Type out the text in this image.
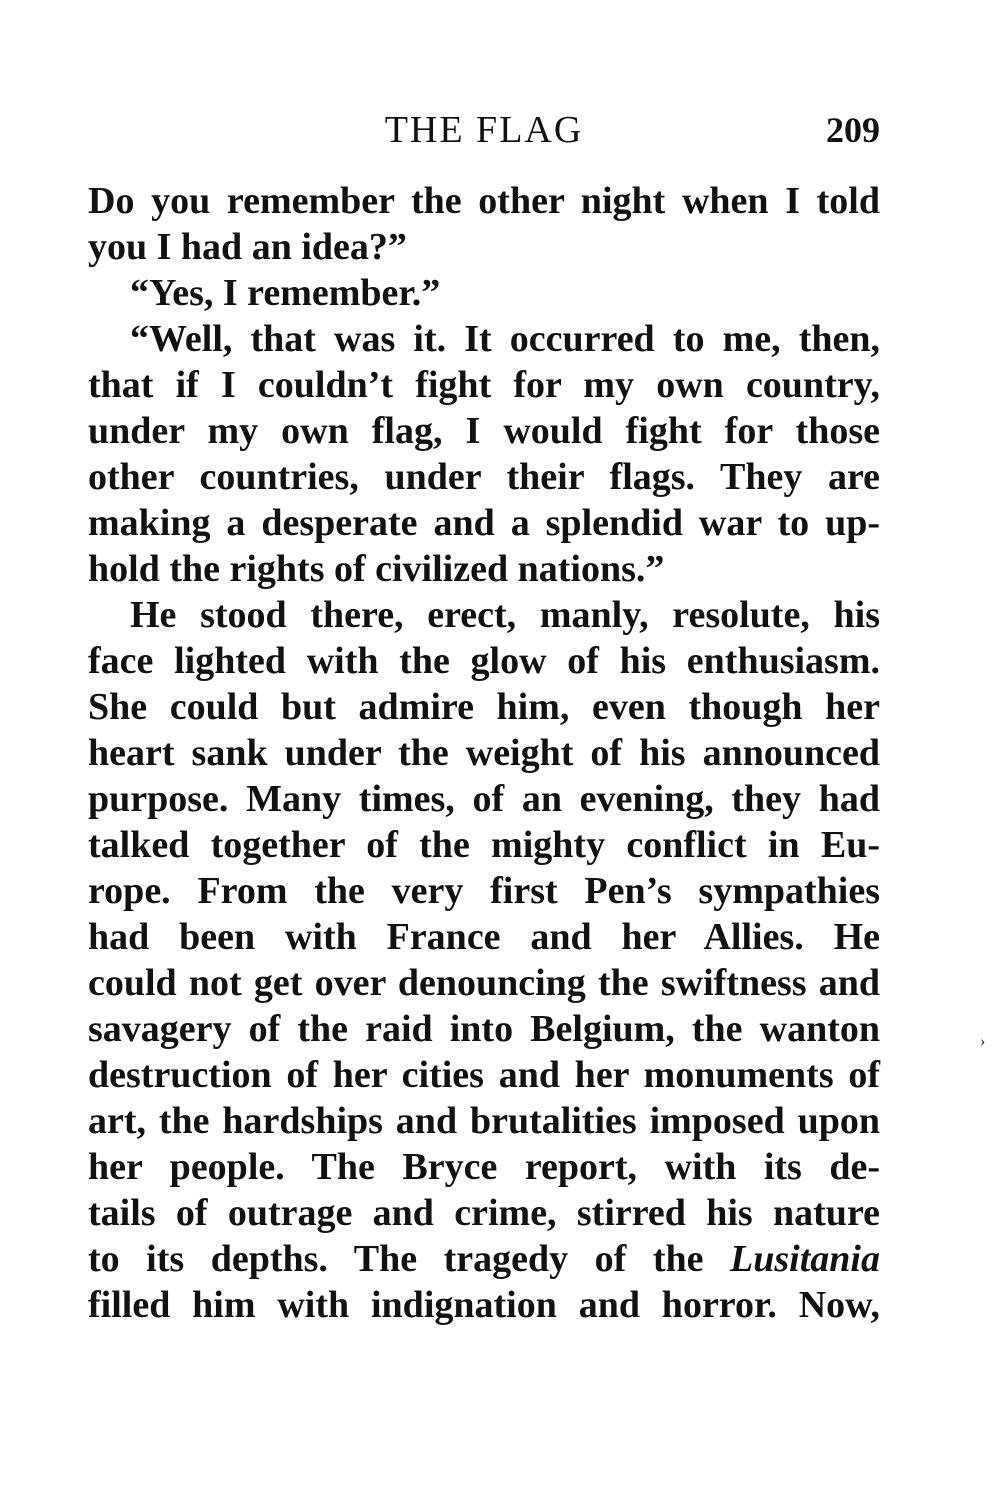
THE FLAG	209
Do you remember the other night when I told
you I had an idea?”
“Yes, I remember.”
“Well, that was it. It occurred to me, then,
that if I couldn’t fight for my own country,
under my own flag, I would fight for those
other countries, under their flags. They are
making a desperate and a splendid war to up-
hold the rights of civilized nations.”
He stood there, erect, manly, resolute, his
face lighted with the glow of his enthusiasm.
She could but admire him, even though her
heart sank under the weight of his announced
purpose. Many times, of an evening, they had
talked together of the mighty conflict in Eu-
rope. From the very first Pen’s sympathies
had been with France and her Allies. He
could not get over denouncing the swiftness and
savagery of the raid into Belgium, the wanton
destruction of her cities and her monuments of
art, the hardships and brutalities imposed upon
her people. The Bryce report, with its de-
tails of outrage and crime, stirred his nature
to its depths. The tragedy of the Lusitania
filled him with indignation and horror. Now,
›
